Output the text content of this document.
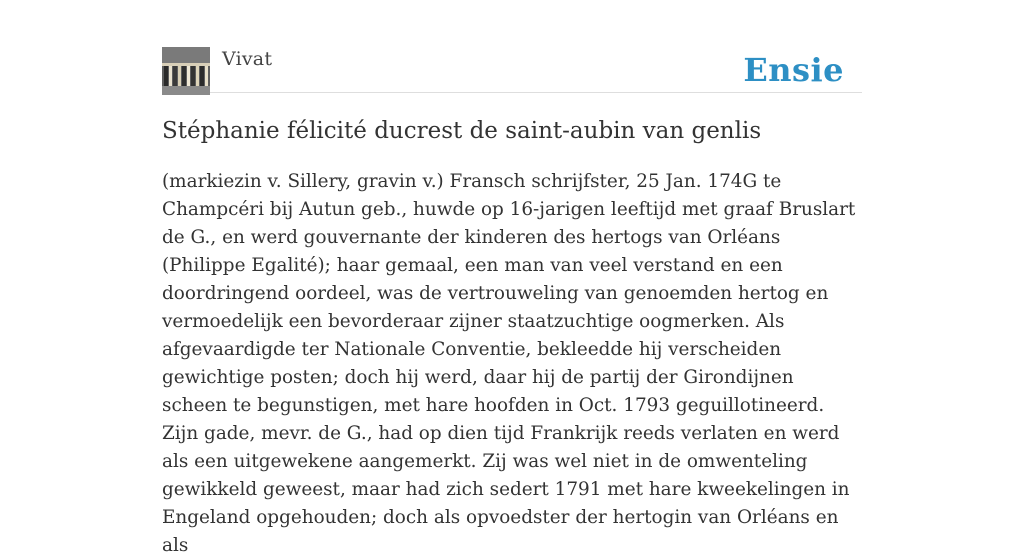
Vivat	Ensie
Stéphanie félicité ducrest de saint-aubin van genlis

(markiezin v. Sillery, gravin v.) Fransch schrijfster, 25 Jan. 174G te Champcéri bij Autun geb., huwde op 16-jarigen leeftijd met graaf Bruslart de G., en werd gouvernante der kinderen des hertogs van Orléans (Philippe Egalité); haar gemaal, een man van veel verstand en een doordringend oordeel, was de vertrouweling van genoemden hertog en vermoedelijk een bevorderaar zijner staatzuchtige oogmerken. Als afgevaardigde ter Nationale Conventie, bekleedde hij verscheiden gewichtige posten; doch hij werd, daar hij de partij der Girondijnen scheen te begunstigen, met hare hoofden in Oct. 1793 geguillotineerd. Zijn gade, mevr. de G., had op dien tijd Frankrijk reeds verlaten en werd als een uitgewekene aangemerkt. Zij was wel niet in de omwenteling gewikkeld geweest, maar had zich sedert 1791 met hare kweekelingen in Engeland opgehouden; doch als opvoedster der hertogin van Orléans en als
